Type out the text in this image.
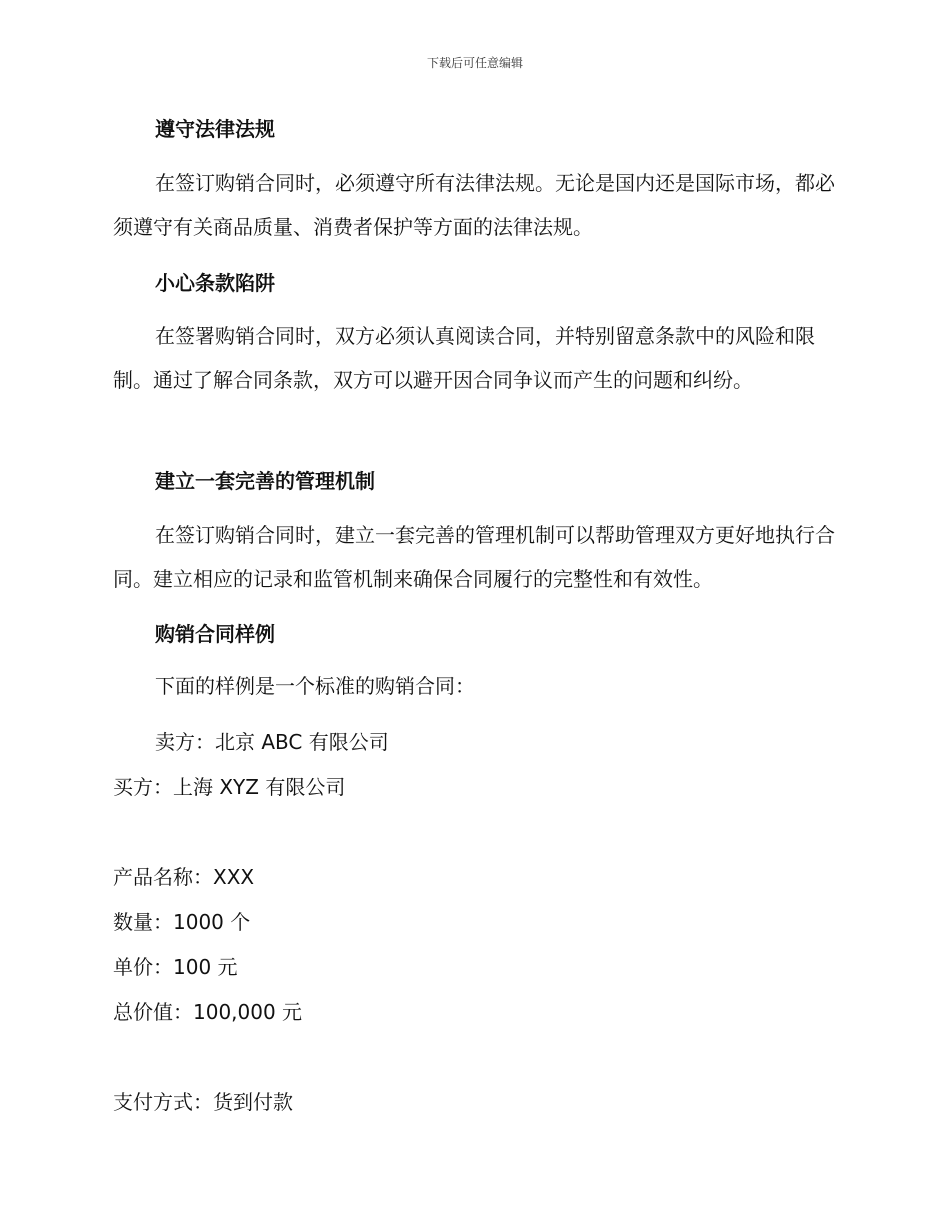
下载后可任意编辑
遵守法律法规
在签订购销合同时，必须遵守所有法律法规。无论是国内还是国际市场，都必须遵守有关商品质量、消费者保护等方面的法律法规。
小心条款陷阱
在签署购销合同时，双方必须认真阅读合同，并特别留意条款中的风险和限制。通过了解合同条款，双方可以避开因合同争议而产生的问题和纠纷。
建立一套完善的管理机制
在签订购销合同时，建立一套完善的管理机制可以帮助管理双方更好地执行合同。建立相应的记录和监管机制来确保合同履行的完整性和有效性。
购销合同样例
下面的样例是一个标准的购销合同：
卖方：北京 ABC 有限公司
买方：上海 XYZ 有限公司
产品名称：XXX
数量：1000 个
单价：100 元
总价值：100,000 元
支付方式：货到付款
